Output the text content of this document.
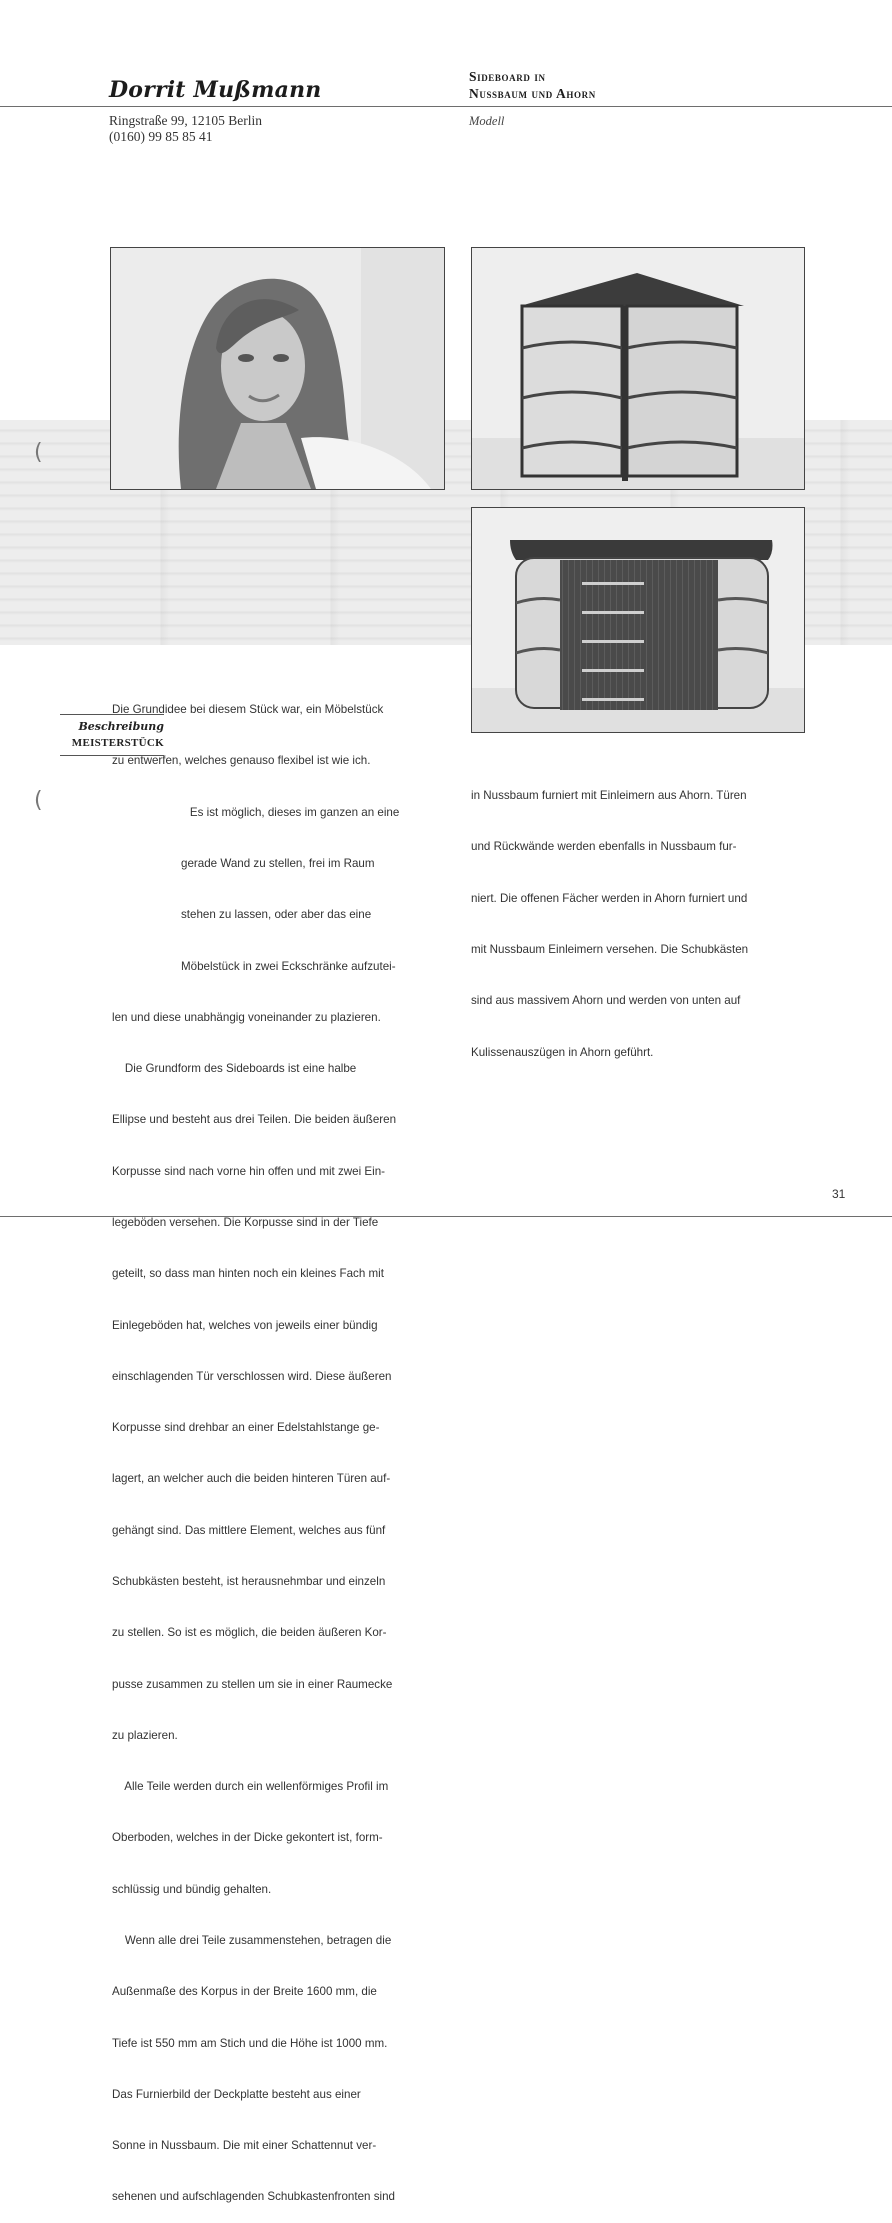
Dorrit Mußmann
Ringstraße 99, 12105 Berlin
(0160) 99 85 85 41
Sideboard in
Nussbaum und Ahorn
Modell
(
(
Beschreibung
MEISTERSTÜCK

Die Grundidee bei diesem Stück war, ein Möbelstück

zu entwerfen, welches genauso flexibel ist wie ich.

Es ist möglich, dieses im ganzen an eine

gerade Wand zu stellen, frei im Raum

stehen zu lassen, oder aber das eine

Möbelstück in zwei Eckschränke aufzutei-

len und diese unabhängig voneinander zu plazieren.

Die Grundform des Sideboards ist eine halbe

Ellipse und besteht aus drei Teilen. Die beiden äußeren

Korpusse sind nach vorne hin offen und mit zwei Ein-

legeböden versehen. Die Korpusse sind in der Tiefe

geteilt, so dass man hinten noch ein kleines Fach mit

Einlegeböden hat, welches von jeweils einer bündig

einschlagenden Tür verschlossen wird. Diese äußeren

Korpusse sind drehbar an einer Edelstahlstange ge-

lagert, an welcher auch die beiden hinteren Türen auf-

gehängt sind. Das mittlere Element, welches aus fünf

Schubkästen besteht, ist herausnehmbar und einzeln

zu stellen. So ist es möglich, die beiden äußeren Kor-

pusse zusammen zu stellen um sie in einer Raumecke

zu plazieren.

Alle Teile werden durch ein wellenförmiges Profil im

Oberboden, welches in der Dicke gekontert ist, form-

schlüssig und bündig gehalten.

Wenn alle drei Teile zusammenstehen, betragen die

Außenmaße des Korpus in der Breite 1600 mm, die

Tiefe ist 550 mm am Stich und die Höhe ist 1000 mm.

Das Furnierbild der Deckplatte besteht aus einer

Sonne in Nussbaum. Die mit einer Schattennut ver-

sehenen und aufschlagenden Schubkastenfronten sind

in Nussbaum furniert mit Einleimern aus Ahorn. Türen

und Rückwände werden ebenfalls in Nussbaum fur-

niert. Die offenen Fächer werden in Ahorn furniert und

mit Nussbaum Einleimern versehen. Die Schubkästen

sind aus massivem Ahorn und werden von unten auf

Kulissenauszügen in Ahorn geführt.

31
